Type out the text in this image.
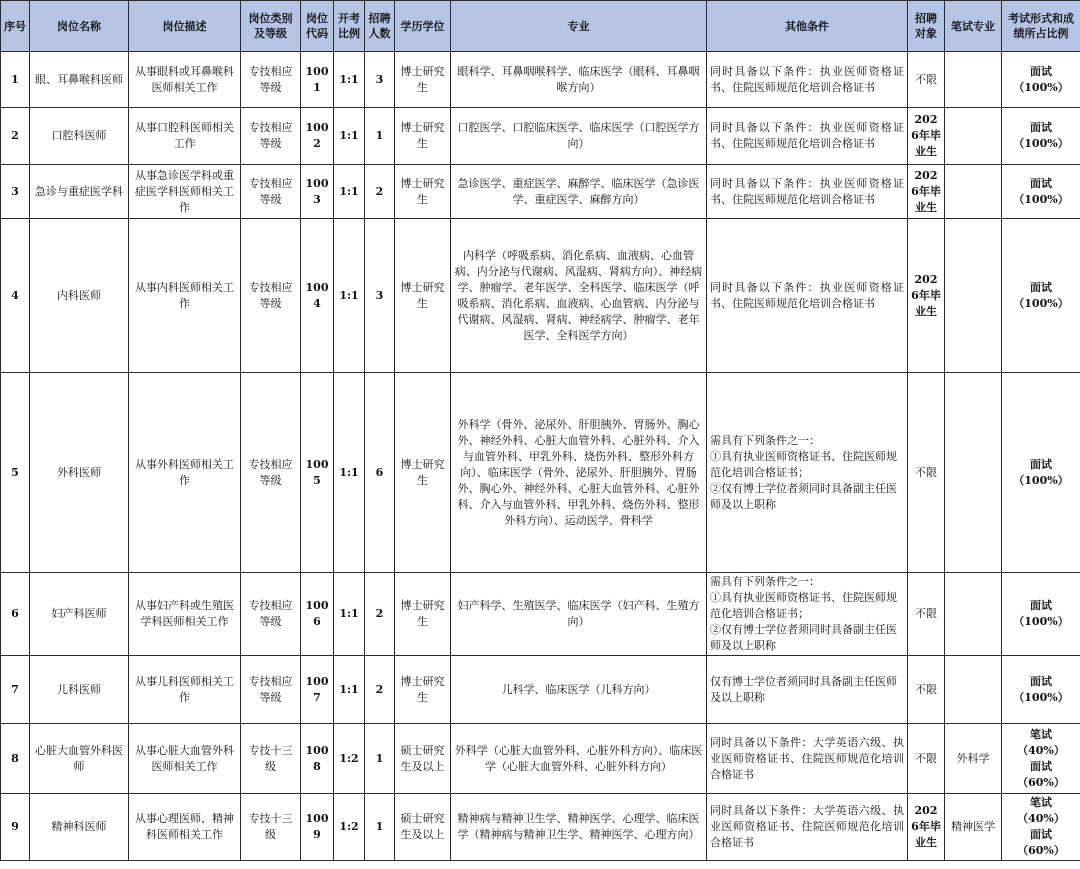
序号	岗位名称	岗位描述	岗位类别及等级	岗位代码	开考比例	招聘人数	学历学位	专业	其他条件	招聘对象	笔试专业	考试形式和成绩所占比例
1	眼、耳鼻喉科医师	从事眼科或耳鼻喉科医师相关工作	专技相应等级	1001	1:1	3	博士研究生	眼科学、耳鼻咽喉科学、临床医学（眼科、耳鼻咽喉方向）	同时具备以下条件：执业医师资格证书、住院医师规范化培训合格证书	不限		面试
（100%）

2	口腔科医师	从事口腔科医师相关工作	专技相应等级	1002	1:1	1	博士研究生	口腔医学、口腔临床医学、临床医学（口腔医学方向）	同时具备以下条件：执业医师资格证书、住院医师规范化培训合格证书	2026年毕业生		面试
（100%）

3	急诊与重症医学科	从事急诊医学科或重症医学科医师相关工作	专技相应等级	1003	1:1	2	博士研究生	急诊医学、重症医学、麻醉学、临床医学（急诊医学、重症医学、麻醉方向）	同时具备以下条件：执业医师资格证书、住院医师规范化培训合格证书	2026年毕业生		面试
（100%）

4	内科医师	从事内科医师相关工作	专技相应等级	1004	1:1	3	博士研究生	内科学（呼吸系病、消化系病、血液病、心血管病、内分泌与代谢病、风湿病、肾病方向）、神经病学、肿瘤学、老年医学、全科医学、临床医学（呼吸系病、消化系病、血液病、心血管病、内分泌与代谢病、风湿病、肾病、神经病学、肿瘤学、老年医学、全科医学方向）	同时具备以下条件：执业医师资格证书、住院医师规范化培训合格证书	2026年毕业生		面试
（100%）

5	外科医师	从事外科医师相关工作	专技相应等级	1005	1:1	6	博士研究生	外科学（骨外、泌尿外、肝胆胰外、胃肠外、胸心外、神经外科、心脏大血管外科、心脏外科、介入与血管外科、甲乳外科、烧伤外科、整形外科方向）、临床医学（骨外、泌尿外、肝胆胰外、胃肠外、胸心外、神经外科、心脏大血管外科、心脏外科、介入与血管外科、甲乳外科、烧伤外科、整形外科方向）、运动医学、骨科学	需具有下列条件之一：
①具有执业医师资格证书、住院医师规范化培训合格证书；
②仅有博士学位者须同时具备副主任医师及以上职称	不限		面试
（100%）

6	妇产科医师	从事妇产科或生殖医学科医师相关工作	专技相应等级	1006	1:1	2	博士研究生	妇产科学、生殖医学、临床医学（妇产科、生殖方向）	需具有下列条件之一：
①具有执业医师资格证书、住院医师规范化培训合格证书；
②仅有博士学位者须同时具备副主任医师及以上职称	不限		面试
（100%）

7	儿科医师	从事儿科医师相关工作	专技相应等级	1007	1:1	2	博士研究生	儿科学、临床医学（儿科方向）	仅有博士学位者须同时具备副主任医师及以上职称	不限		面试
（100%）

8	心脏大血管外科医师	从事心脏大血管外科医师相关工作	专技十三级	1008	1:2	1	硕士研究生及以上	外科学（心脏大血管外科、心脏外科方向）、临床医学（心脏大血管外科、心脏外科方向）	同时具备以下条件：大学英语六级、执业医师资格证书、住院医师规范化培训合格证书	不限	外科学	笔试
（40%）
面试
（60%）

9	精神科医师	从事心理医师、精神科医师相关工作	专技十三级	1009	1:2	1	硕士研究生及以上	精神病与精神卫生学、精神医学、心理学、临床医学（精神病与精神卫生学、精神医学、心理方向）	同时具备以下条件：大学英语六级、执业医师资格证书、住院医师规范化培训合格证书	2026年毕业生	精神医学	笔试
（40%）
面试
（60%）
